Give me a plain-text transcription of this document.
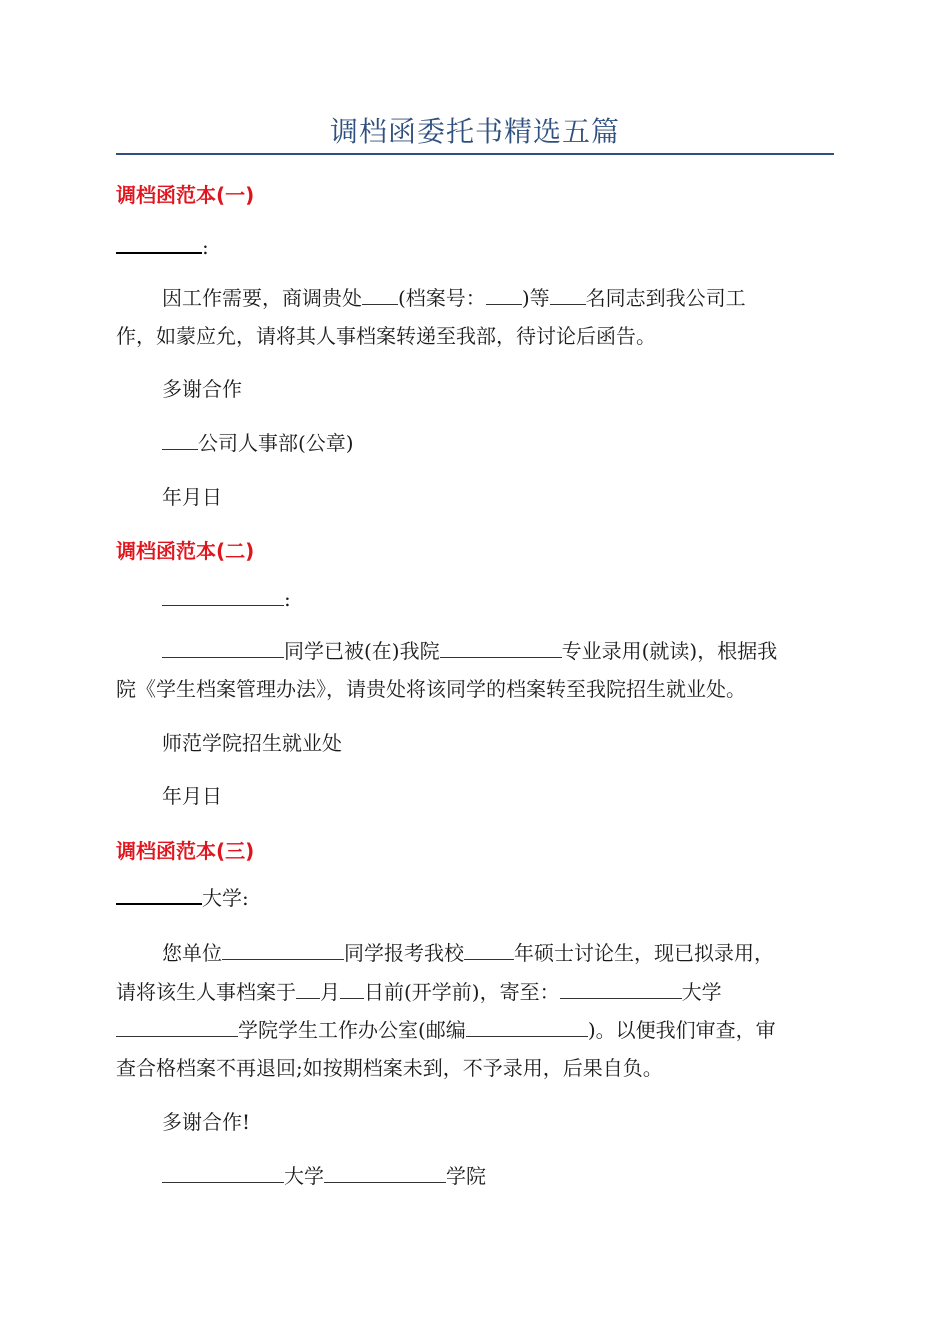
调档函委托书精选五篇
调档函范本(一)
:
因工作需要，商调贵处 (档案号： )等 名同志到我公司工
作，如蒙应允，请将其人事档案转递至我部，待讨论后函告。
多谢合作
公司人事部(公章)
年月日
调档函范本(二)
:
同学已被(在)我院	专业录用(就读)，根据我
院《学生档案管理办法》，请贵处将该同学的档案转至我院招生就业处。
师范学院招生就业处
年月日
调档函范本(三)
大学:
您单位	同学报考我校	年硕士讨论生，现已拟录用，
请将该生人事档案于 月 日前(开学前)，寄至：	大学
学院学生工作办公室(邮编	)。以便我们审查，审
查合格档案不再退回;如按期档案未到，不予录用，后果自负。
多谢合作!
大学	学院
